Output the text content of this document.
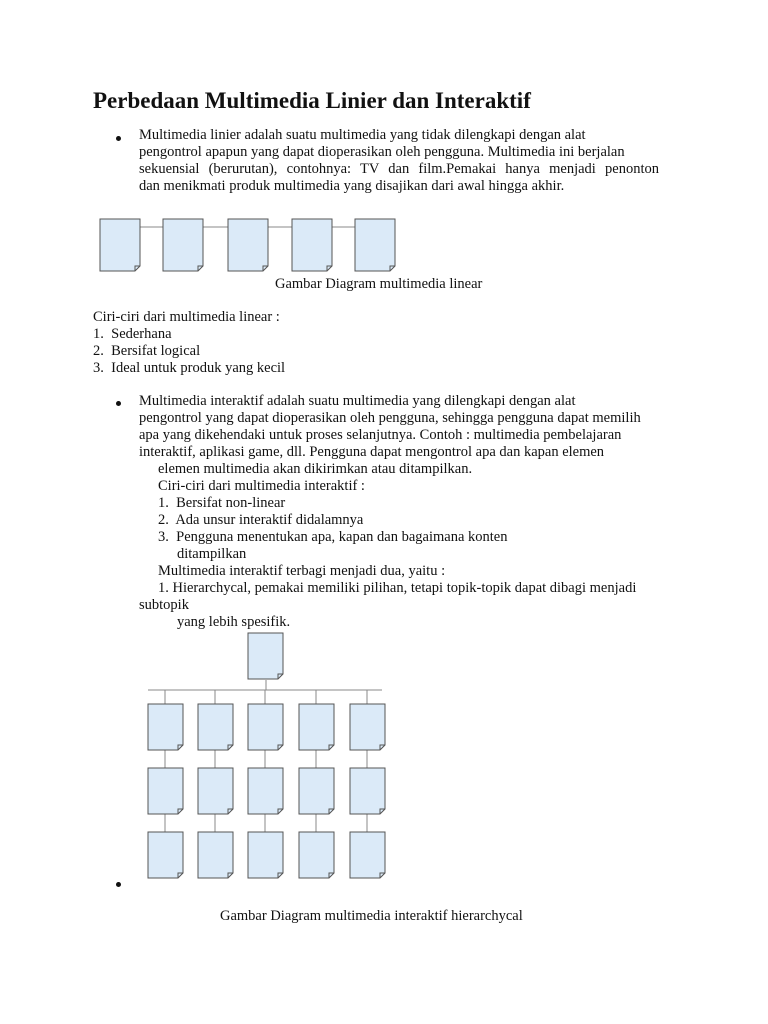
Perbedaan Multimedia Linier dan Interaktif
Multimedia linier adalah suatu multimedia yang tidak dilengkapi dengan alat
pengontrol apapun yang dapat dioperasikan oleh pengguna. Multimedia ini berjalan
sekuensial (berurutan), contohnya: TV dan film.Pemakai hanya menjadi penonton
dan menikmati produk multimedia yang disajikan dari awal hingga akhir.
Gambar Diagram multimedia linear
Ciri-ciri dari multimedia linear :
1. Sederhana
2. Bersifat logical
3. Ideal untuk produk yang kecil
Multimedia interaktif adalah suatu multimedia yang dilengkapi dengan alat
pengontrol yang dapat dioperasikan oleh pengguna, sehingga pengguna dapat memilih
apa yang dikehendaki untuk proses selanjutnya. Contoh : multimedia pembelajaran
interaktif, aplikasi game, dll. Pengguna dapat mengontrol apa dan kapan elemen
elemen multimedia akan dikirimkan atau ditampilkan.
Ciri-ciri dari multimedia interaktif :
1. Bersifat non-linear
2. Ada unsur interaktif didalamnya
3. Pengguna menentukan apa, kapan dan bagaimana konten
ditampilkan
Multimedia interaktif terbagi menjadi dua, yaitu :
1. Hierarchycal, pemakai memiliki pilihan, tetapi topik-topik dapat dibagi menjadi
subtopik
yang lebih spesifik.
Gambar Diagram multimedia interaktif hierarchycal
